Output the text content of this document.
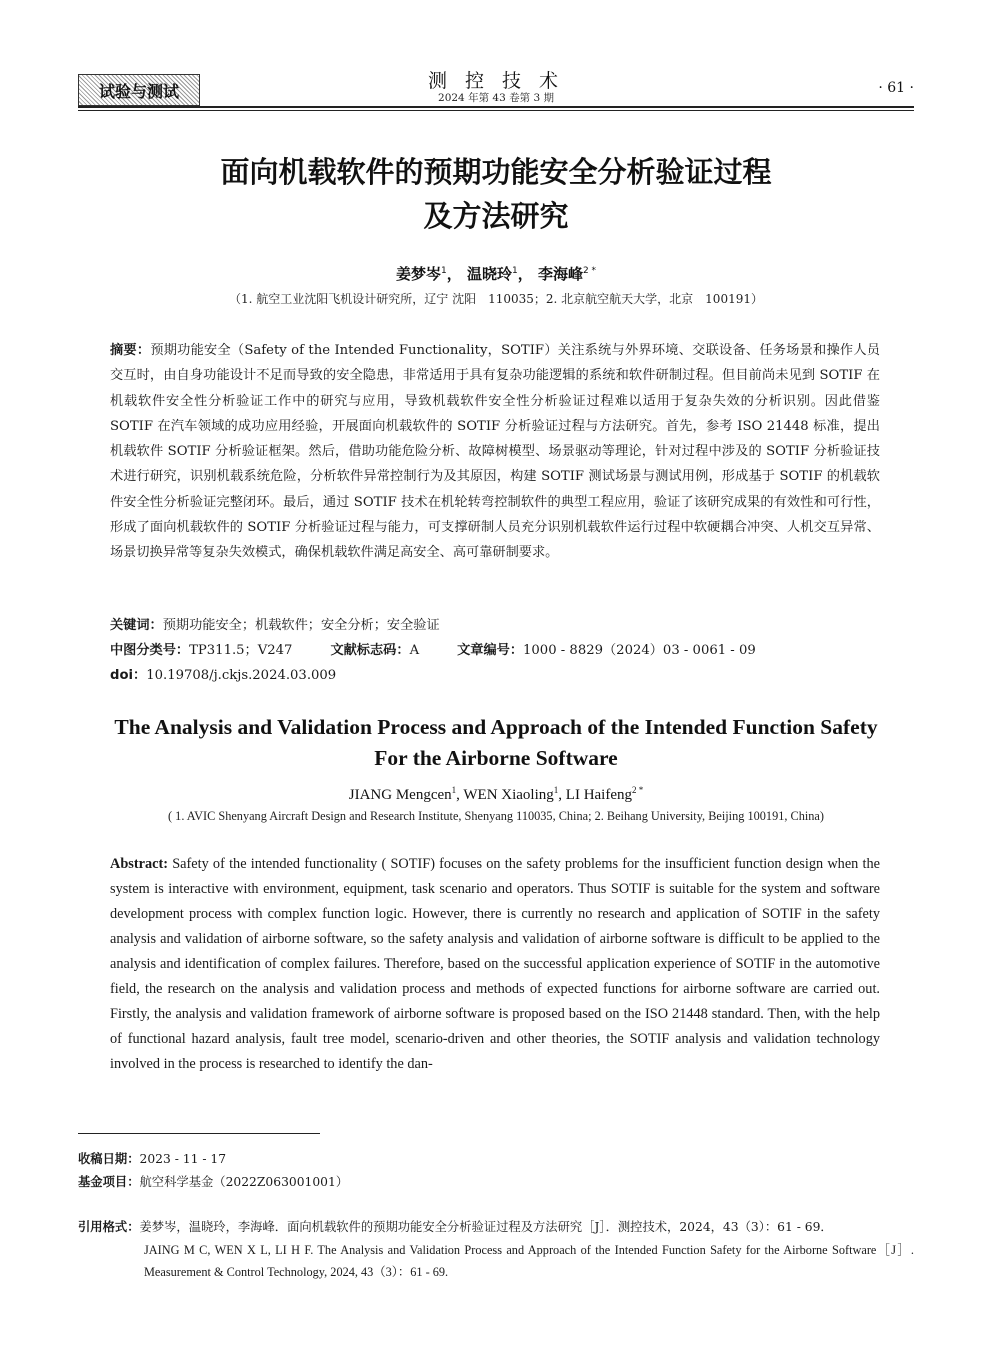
试验与测试	测 控 技 术
2024 年第 43 卷第 3 期
· 61 ·
面向机载软件的预期功能安全分析验证过程
及方法研究
姜梦岑$^1$， 温晓玲$^1$， 李海峰$^{2 *}$
（1. 航空工业沈阳飞机设计研究所，辽宁 沈阳　110035；2. 北京航空航天大学，北京　100191）
摘要：预期功能安全（Safety of the Intended Functionality，SOTIF）关注系统与外界环境、交联设备、任务场景和操作人员交互时，由自身功能设计不足而导致的安全隐患，非常适用于具有复杂功能逻辑的系统和软件研制过程。但目前尚未见到 SOTIF 在机载软件安全性分析验证工作中的研究与应用，导致机载软件安全性分析验证过程难以适用于复杂失效的分析识别。因此借鉴 SOTIF 在汽车领域的成功应用经验，开展面向机载软件的 SOTIF 分析验证过程与方法研究。首先，参考 ISO 21448 标准，提出机载软件 SOTIF 分析验证框架。然后，借助功能危险分析、故障树模型、场景驱动等理论，针对过程中涉及的 SOTIF 分析验证技术进行研究，识别机载系统危险，分析软件异常控制行为及其原因，构建 SOTIF 测试场景与测试用例，形成基于 SOTIF 的机载软件安全性分析验证完整闭环。最后，通过 SOTIF 技术在机轮转弯控制软件的典型工程应用，验证了该研究成果的有效性和可行性，形成了面向机载软件的 SOTIF 分析验证过程与能力，可支撑研制人员充分识别机载软件运行过程中软硬耦合冲突、人机交互异常、场景切换异常等复杂失效模式，确保机载软件满足高安全、高可靠研制要求。
关键词：预期功能安全；机载软件；安全分析；安全验证
中图分类号：TP311.5；V247	文献标志码：A	文章编号：1000 - 8829（2024）03 - 0061 - 09
doi：10.19708/j.ckjs.2024.03.009
The Analysis and Validation Process and Approach of the Intended Function Safety
For the Airborne Software
JIANG Mengcen$^1$, WEN Xiaoling$^1$, LI Haifeng$^{2 *}$
( 1. AVIC Shenyang Aircraft Design and Research Institute, Shenyang 110035, China; 2. Beihang University, Beijing 100191, China)
Abstract: Safety of the intended functionality ( SOTIF) focuses on the safety problems for the insufficient function design when the system is interactive with environment, equipment, task scenario and operators. Thus SOTIF is suitable for the system and software development process with complex function logic. However, there is currently no research and application of SOTIF in the safety analysis and validation of airborne software, so the safety analysis and validation of airborne software is difficult to be applied to the analysis and identification of complex failures. Therefore, based on the successful application experience of SOTIF in the automotive field, the research on the analysis and validation process and methods of expected functions for airborne software are carried out. Firstly, the analysis and validation framework of airborne software is proposed based on the ISO 21448 standard. Then, with the help of functional hazard analysis, fault tree model, scenario-driven and other theories, the SOTIF analysis and validation technology involved in the process is researched to identify the dan-
收稿日期：2023 - 11 - 17
基金项目：航空科学基金（2022Z063001001）
引用格式：姜梦岑，温晓玲，李海峰．面向机载软件的预期功能安全分析验证过程及方法研究［J］．测控技术，2024，43（3）：61 - 69．
JAING M C, WEN X L, LI H F. The Analysis and Validation Process and Approach of the Intended Function Safety for the Airborne Software［J］. Measurement & Control Technology, 2024, 43（3）：61 - 69.
